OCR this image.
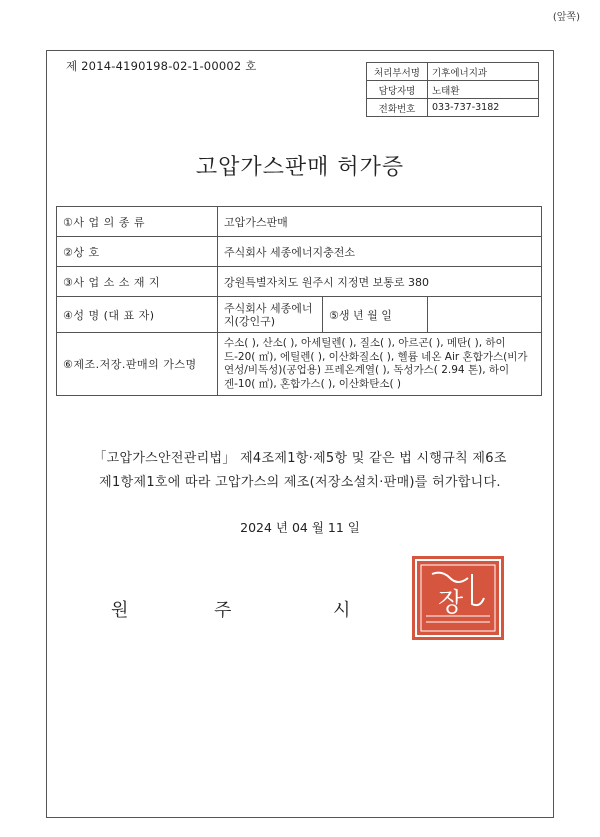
(앞쪽)
제 2014-4190198-02-1-00002 호	처리부서명	기후에너지과
담당자명	노태환
전화번호	033-737-3182
고압가스판매 허가증
①사 업 의 종 류	고압가스판매		
②상 호	주식회사 세종에너지충전소		
③사 업 소 소 재 지	강원특별자치도 원주시 지정면 보통로 380		
④성 명 (대 표 자)	주식회사 세종에너지(강인구)	⑤생 년 월 일	
⑥제조.저장.판매의 가스명	수소( ), 산소( ), 아세틸렌( ), 질소( ), 아르곤( ), 메탄( ), 하이드-20( ㎥), 에틸렌( ), 이산화질소( ), 헬륨 네온 Air 혼합가스(비가연성/비독성)(공업용) 프레온계열( ), 독성가스( 2.94 톤), 하이겐-10( ㎥), 혼합가스( ), 이산화탄소( )		
「고압가스안전관리법」 제4조제1항·제5항 및 같은 법 시행규칙 제6조
제1항제1호에 따라 고압가스의 제조(저장소설치·판매)를 허가합니다.
2024 년 04 월 11 일
원	주	시	장
